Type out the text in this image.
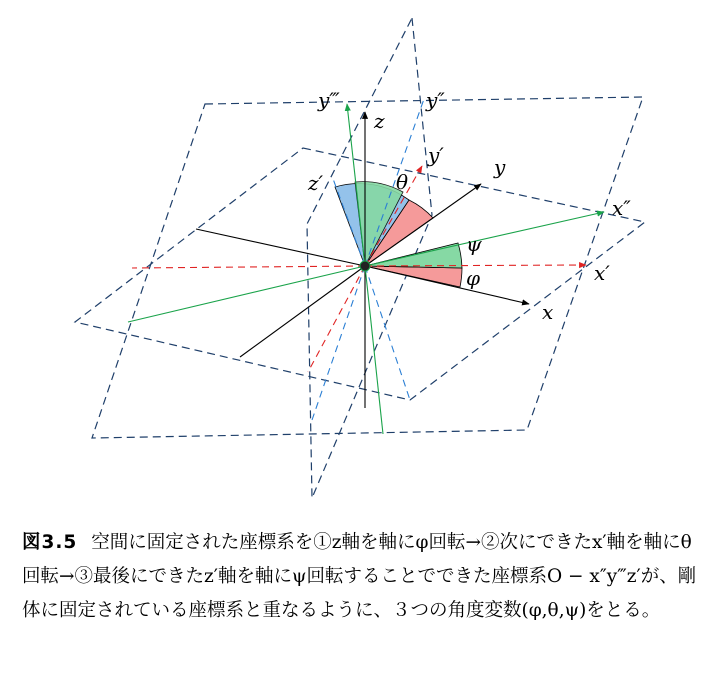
z
y‴	y″
y′	y
z′	θ
x″
ψ
φ	x′
x
図3.5 空間に固定された座標系を①z軸を軸にφ回転→②次にできたx′軸を軸にθ回転→③最後にできたz′軸を軸にψ回転することでできた座標系O − x″y‴z′が、剛体に固定されている座標系と重なるように、３つの角度変数(φ,θ,ψ)をとる。
